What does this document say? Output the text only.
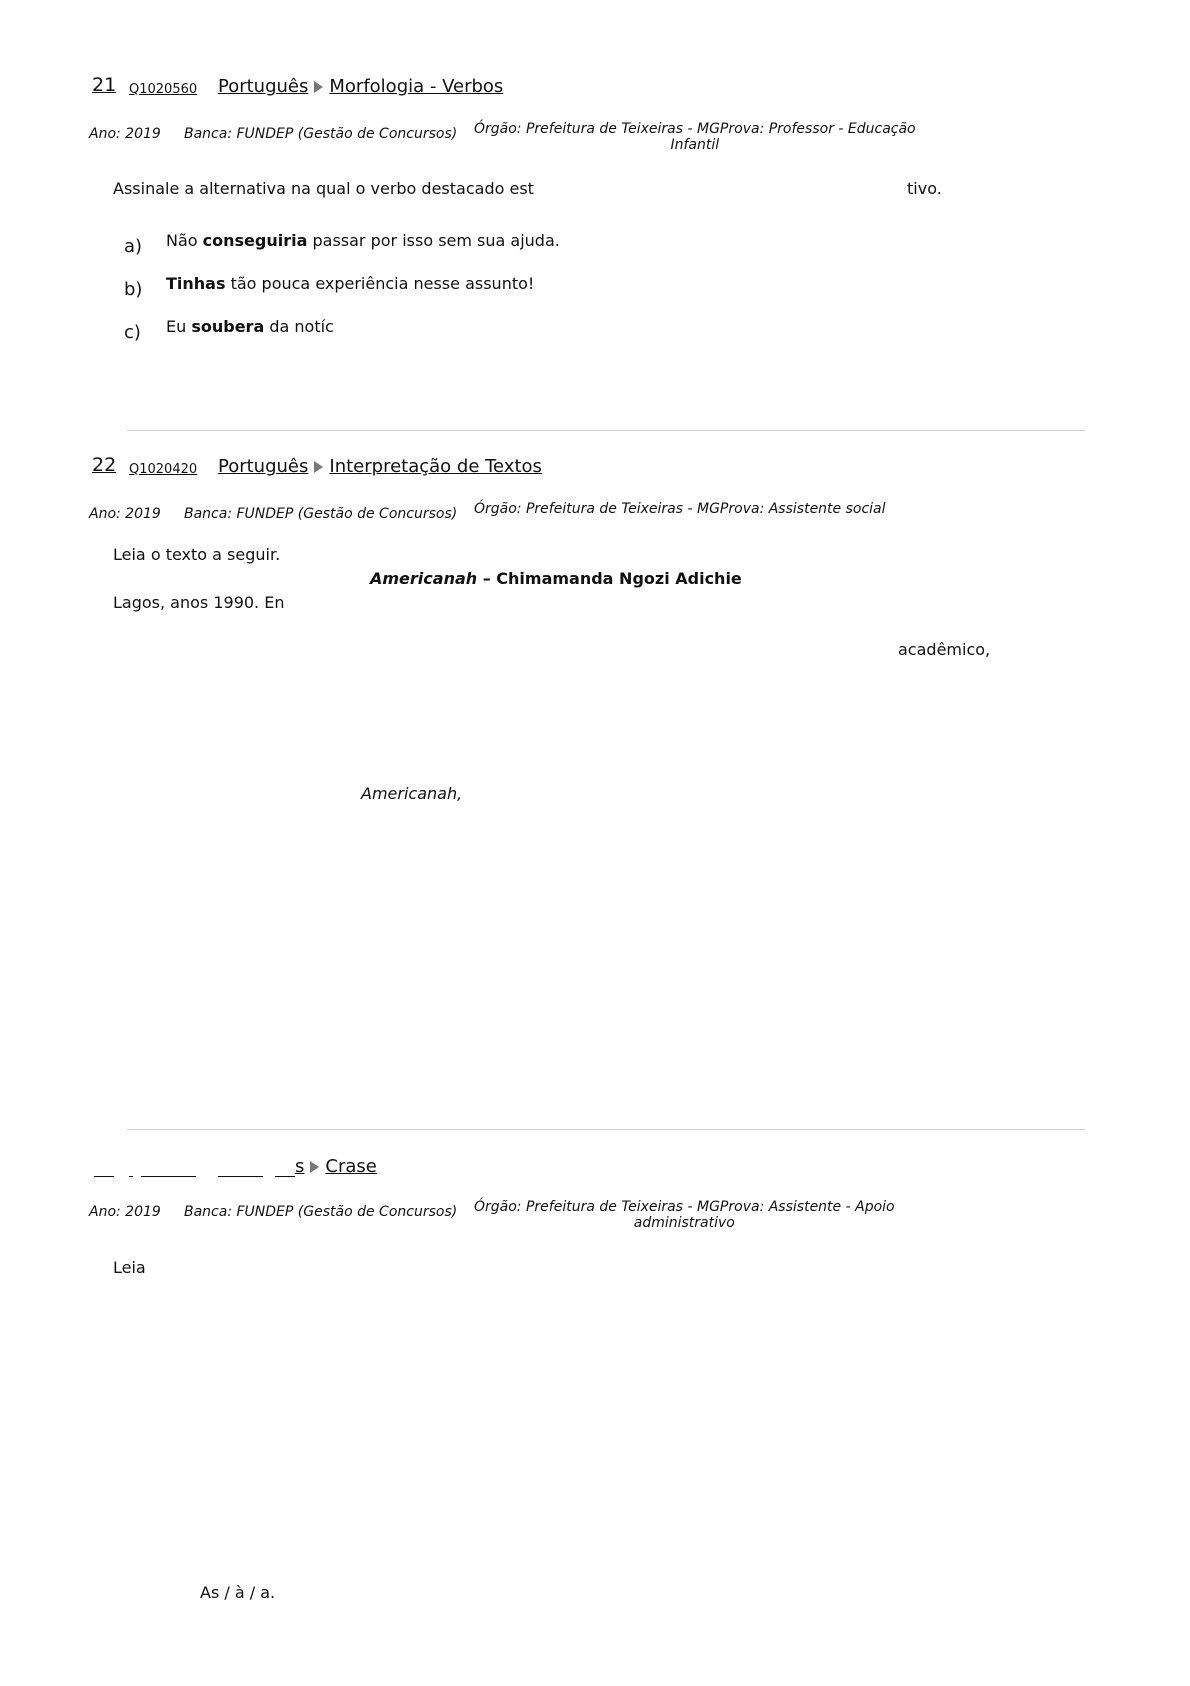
21 Q1020560 Português Morfologia - Verbos
Ano: 2019 Banca: FUNDEP (Gestão de Concursos) Órgão: Prefeitura de Teixeiras - MGProva: Professor - Educação
Infantil
Assinale a alternativa na qual o verbo destacado est	tivo.
a) Não conseguiria passar por isso sem sua ajuda.
b) Tinhas tão pouca experiência nesse assunto!
c) Eu soubera da notíc
22 Q1020420 Português Interpretação de Textos
Ano: 2019 Banca: FUNDEP (Gestão de Concursos) Órgão: Prefeitura de Teixeiras - MGProva: Assistente social
Leia o texto a seguir.
Americanah – Chimamanda Ngozi Adichie
Lagos, anos 1990. En
acadêmico,
Americanah,
s Crase
Ano: 2019 Banca: FUNDEP (Gestão de Concursos) Órgão: Prefeitura de Teixeiras - MGProva: Assistente - Apoio
administrativo
Leia
As / à / a.
